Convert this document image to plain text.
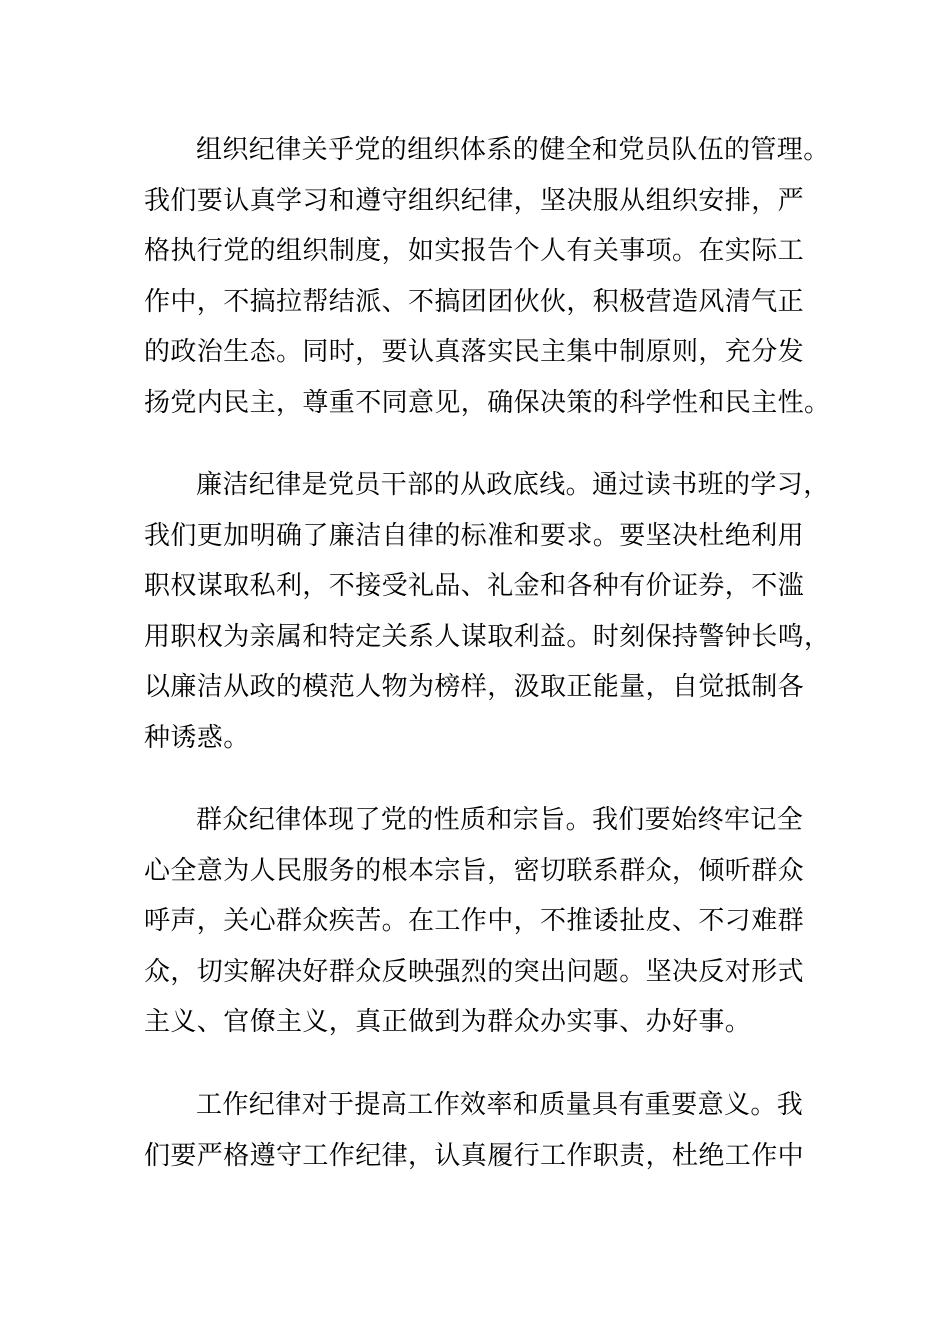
组织纪律关乎党的组织体系的健全和党员队伍的管理。
我们要认真学习和遵守组织纪律，坚决服从组织安排，严
格执行党的组织制度，如实报告个人有关事项。在实际工
作中，不搞拉帮结派、不搞团团伙伙，积极营造风清气正
的政治生态。同时，要认真落实民主集中制原则，充分发
扬党内民主，尊重不同意见，确保决策的科学性和民主性。
廉洁纪律是党员干部的从政底线。通过读书班的学习，
我们更加明确了廉洁自律的标准和要求。要坚决杜绝利用
职权谋取私利，不接受礼品、礼金和各种有价证券，不滥
用职权为亲属和特定关系人谋取利益。时刻保持警钟长鸣，
以廉洁从政的模范人物为榜样，汲取正能量，自觉抵制各
种诱惑。
群众纪律体现了党的性质和宗旨。我们要始终牢记全
心全意为人民服务的根本宗旨，密切联系群众，倾听群众
呼声，关心群众疾苦。在工作中，不推诿扯皮、不刁难群
众，切实解决好群众反映强烈的突出问题。坚决反对形式
主义、官僚主义，真正做到为群众办实事、办好事。
工作纪律对于提高工作效率和质量具有重要意义。我
们要严格遵守工作纪律，认真履行工作职责，杜绝工作中
